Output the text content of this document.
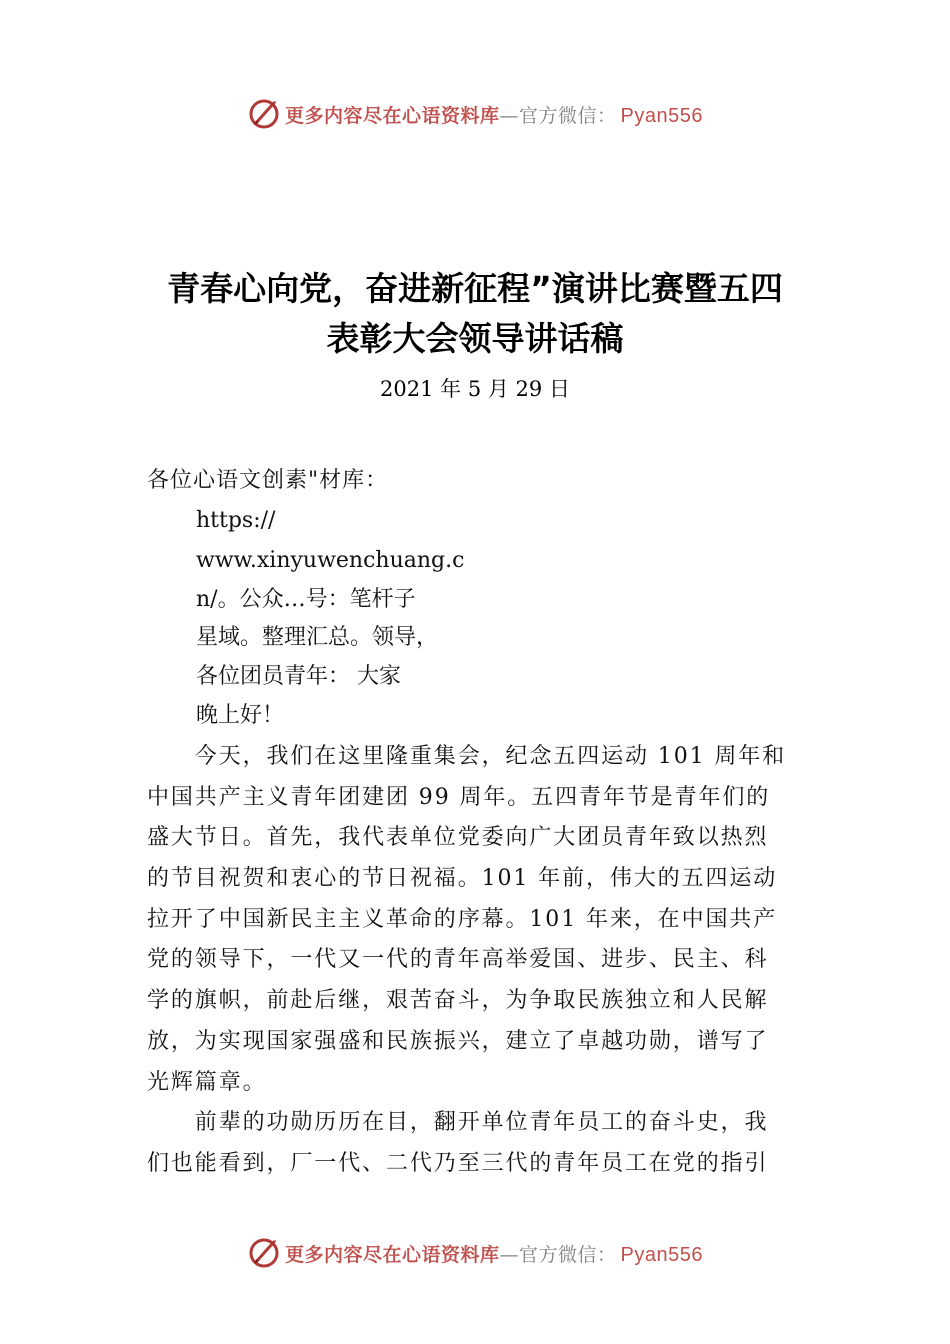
更多内容尽在心语资料库—官方微信： Pyan556
青春心向党，奋进新征程”演讲比赛暨五四
表彰大会领导讲话稿
2021 年 5 月 29 日
各位心语文创素"材库：
https://
www.xinyuwenchuang.c
n/。公众…号：笔杆子
星域。整理汇总。领导，
各位团员青年： 大家
晚上好！
　　今天，我们在这里隆重集会，纪念五四运动 101 周年和
中国共产主义青年团建团 99 周年。五四青年节是青年们的
盛大节日。首先，我代表单位党委向广大团员青年致以热烈
的节目祝贺和衷心的节日祝福。101 年前，伟大的五四运动
拉开了中国新民主主义革命的序幕。101 年来，在中国共产
党的领导下，一代又一代的青年高举爱国、进步、民主、科
学的旗帜，前赴后继，艰苦奋斗，为争取民族独立和人民解
放，为实现国家强盛和民族振兴，建立了卓越功勋，谱写了
光辉篇章。
　　前辈的功勋历历在目，翻开单位青年员工的奋斗史，我
们也能看到，厂一代、二代乃至三代的青年员工在党的指引
更多内容尽在心语资料库—官方微信： Pyan556
